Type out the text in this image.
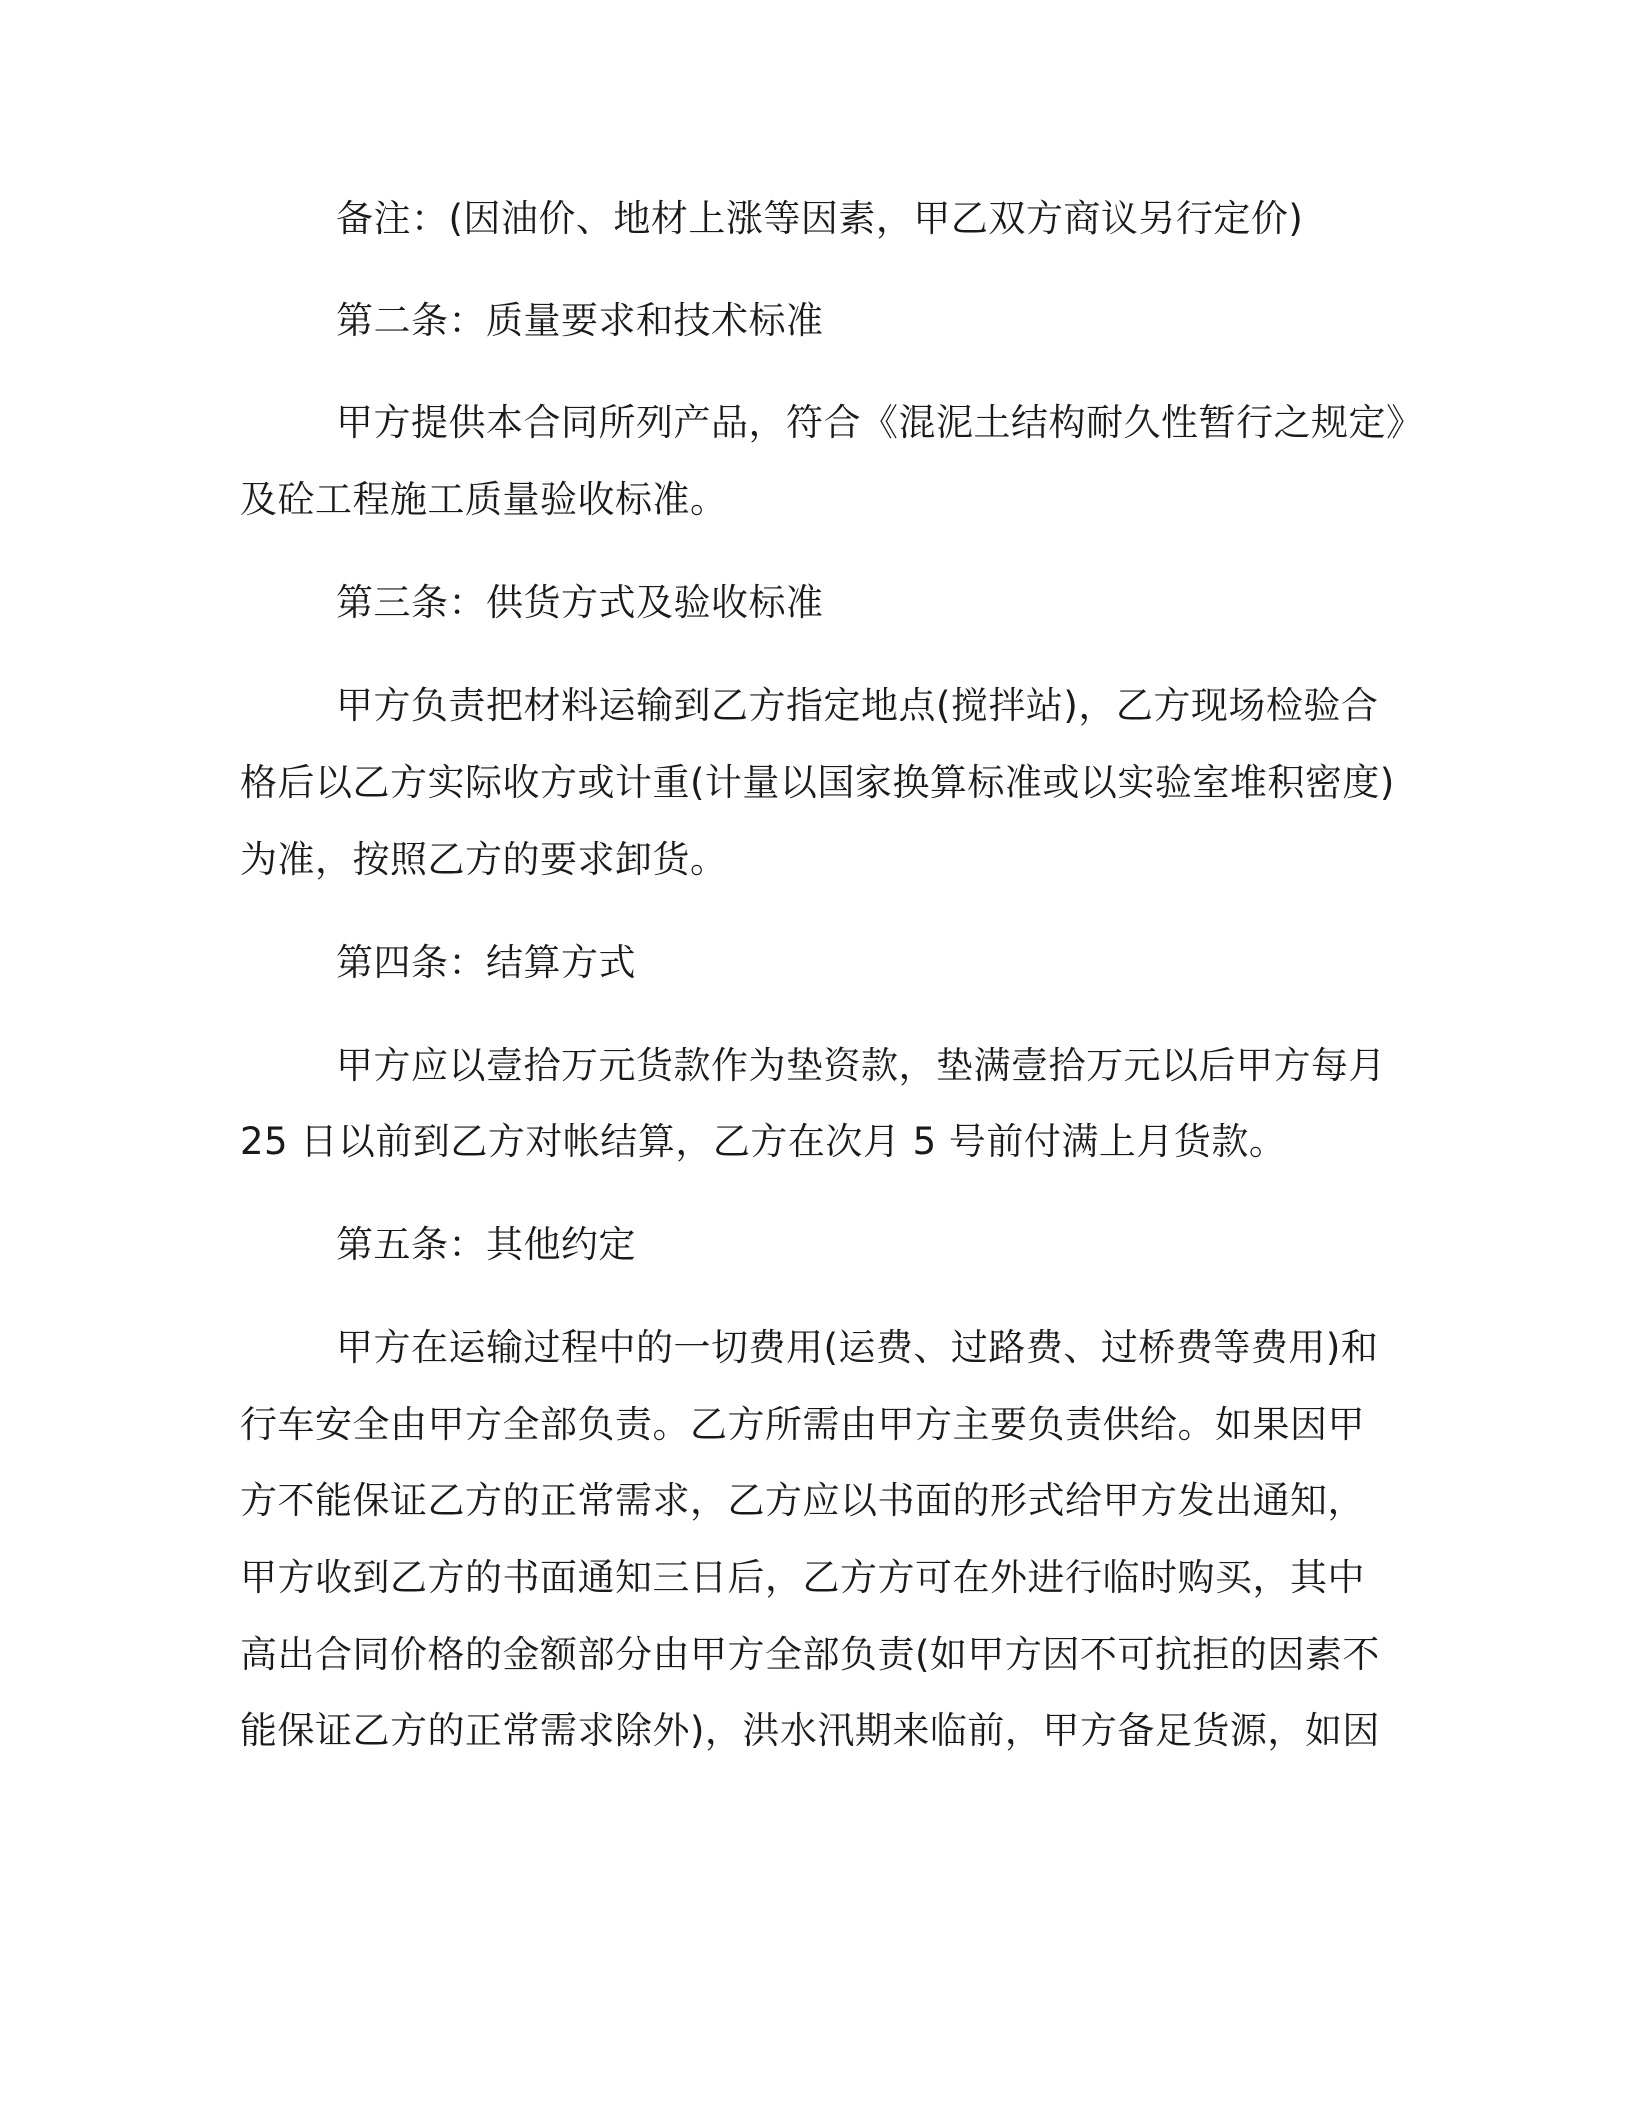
备注：(因油价、地材上涨等因素，甲乙双方商议另行定价)
第二条：质量要求和技术标准
甲方提供本合同所列产品，符合《混泥土结构耐久性暂行之规定》
及砼工程施工质量验收标准。
第三条：供货方式及验收标准
甲方负责把材料运输到乙方指定地点(搅拌站)，乙方现场检验合
格后以乙方实际收方或计重(计量以国家换算标准或以实验室堆积密度)
为准，按照乙方的要求卸货。
第四条：结算方式
甲方应以壹拾万元货款作为垫资款，垫满壹拾万元以后甲方每月
25 日以前到乙方对帐结算，乙方在次月 5 号前付满上月货款。
第五条：其他约定
甲方在运输过程中的一切费用(运费、过路费、过桥费等费用)和
行车安全由甲方全部负责。乙方所需由甲方主要负责供给。如果因甲
方不能保证乙方的正常需求，乙方应以书面的形式给甲方发出通知，
甲方收到乙方的书面通知三日后，乙方方可在外进行临时购买，其中
高出合同价格的金额部分由甲方全部负责(如甲方因不可抗拒的因素不
能保证乙方的正常需求除外)，洪水汛期来临前，甲方备足货源，如因
